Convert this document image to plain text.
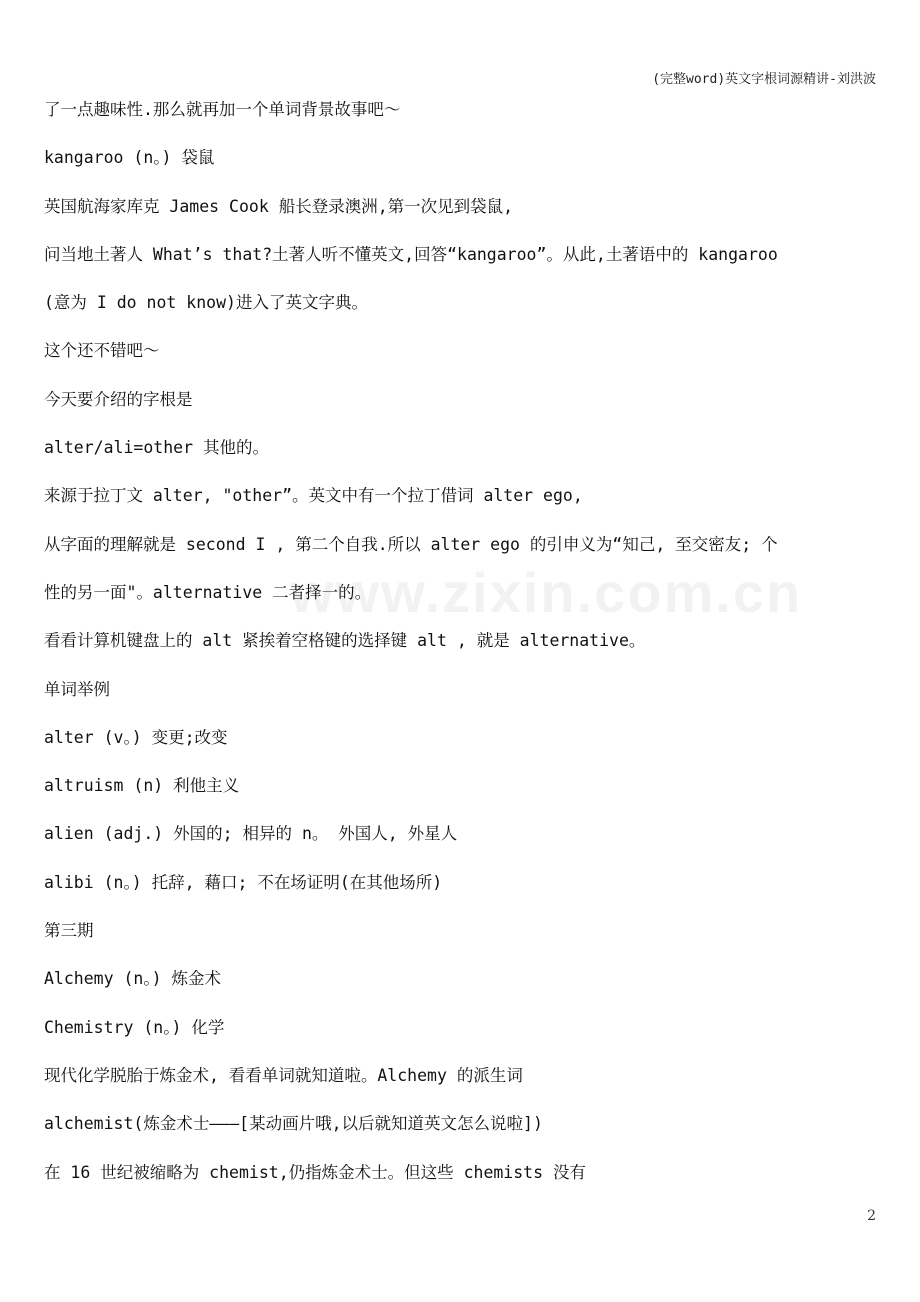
(完整word)英文字根词源精讲-刘洪波
了一点趣味性.那么就再加一个单词背景故事吧～
kangaroo (n。) 袋鼠
英国航海家库克 James Cook 船长登录澳洲,第一次见到袋鼠,
问当地土著人 What’s that?土著人听不懂英文,回答“kangaroo”。从此,土著语中的 kangaroo
(意为 I do not know)进入了英文字典。
这个还不错吧～
今天要介绍的字根是
alter/ali=other 其他的。
来源于拉丁文 alter, "other”。英文中有一个拉丁借词 alter ego,
从字面的理解就是 second I , 第二个自我.所以 alter ego 的引申义为“知己, 至交密友; 个
性的另一面"。alternative 二者择一的。
看看计算机键盘上的 alt 紧挨着空格键的选择键 alt , 就是 alternative。
单词举例
alter (v。) 变更;改变
altruism (n) 利他主义
alien (adj.) 外国的; 相异的 n。 外国人, 外星人
alibi (n。) 托辞, 藉口; 不在场证明(在其他场所)
第三期
Alchemy (n。) 炼金术
Chemistry (n。) 化学
现代化学脱胎于炼金术, 看看单词就知道啦。Alchemy 的派生词
alchemist(炼金术士———[某动画片哦,以后就知道英文怎么说啦])
在 16 世纪被缩略为 chemist,仍指炼金术士。但这些 chemists 没有
www.zixin.com.cn
2
